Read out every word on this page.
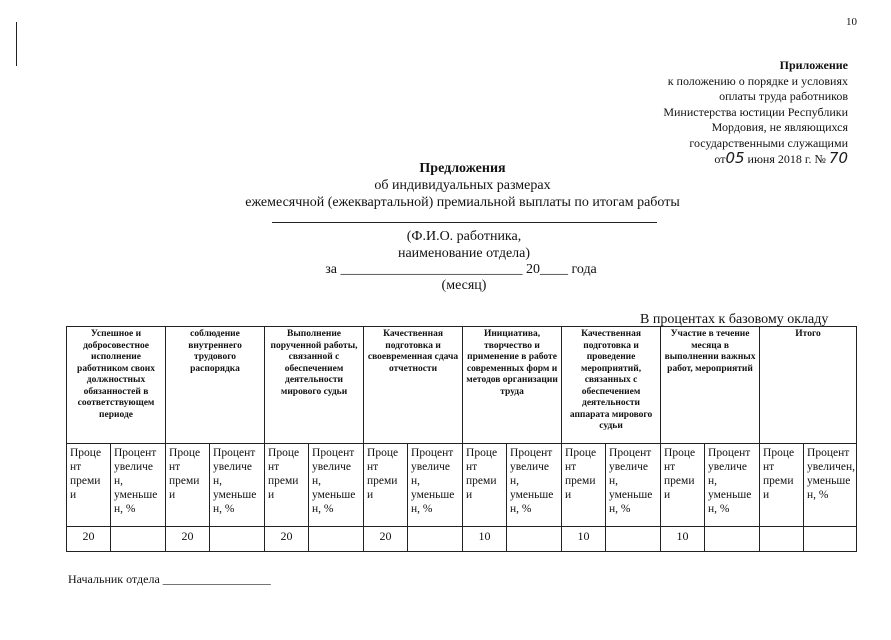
10
Приложение
к положению о порядке и условиях
оплаты труда работников
Министерства юстиции Республики
Мордовия, не являющихся
государственными служащими
от05 июня 2018 г. № 70
Предложения
об индивидуальных размерах
ежемесячной (ежеквартальной) премиальной выплаты по итогам работы
(Ф.И.О. работника,
наименование отдела)
за __________________________ 20____ года
(месяц)
В процентах к базовому окладу
Успешное и добросовестное исполнение работником своих должностных обязанностей в соответствующем периоде		соблюдение внутреннего трудового распорядка		Выполнение порученной работы, связанной с обеспечением деятельности мирового судьи		Качественная подготовка и своевременная сдача отчетности		Инициатива, творчество и применение в работе современных форм и методов организации труда		Качественная подготовка и проведение мероприятий, связанных с обеспечением деятельности аппарата мирового судьи		Участие в течение месяца в выполнении важных работ, мероприятий		Итого	
Проце нт преми и	Процент увеличе н, уменьше н, %	Проце нт преми и	Процент увеличе н, уменьше н, %	Проце нт преми и	Процент увеличе н, уменьше н, %	Проце нт преми и	Процент увеличе н, уменьше н, %	Проце нт преми и	Процент увеличе н, уменьше н, %	Проце нт преми и	Процент увеличе н, уменьше н, %	Проце нт преми и	Процент увеличе н, уменьше н, %	Проце нт преми и	Процент увеличен, уменьше н, %
20		20		20		20		10		10		10			
Начальник отдела __________________
